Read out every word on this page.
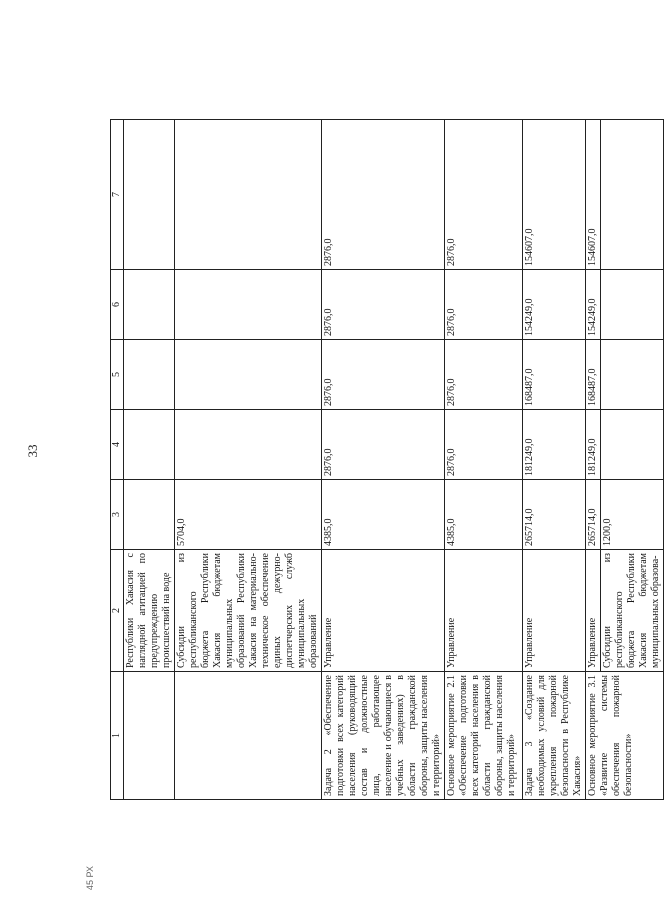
33
45 РХ
1	2	3	4	5	6	7
	Республики Хакасия с наглядной агитацией по предупреждению происшествий на воде					
	Субсидии из республиканского бюджета Республики Хакасия бюджетам муниципальных образований Республики Хакасия на материально-техническое обеспечение единых дежурно-диспетчерских служб муниципальных образований	5704,0				
Задача 2 «Обеспечение подготовки всех категорий населения (руководящий состав и должностные лица, работающее население и обучающиеся в учебных заведениях) в области гражданской обороны, защиты населения и территорий»	Управление	4385,0	2876,0	2876,0	2876,0	2876,0
Основное мероприятие 2.1 «Обеспечение подготовки всех категорий населения в области гражданской обороны, защиты населения и территорий»	Управление	4385,0	2876,0	2876,0	2876,0	2876,0
Задача 3 «Создание необходимых условий для укрепления пожарной безопасности в Республике Хакасия»	Управление	265714,0	181249,0	168487,0	154249,0	154607,0
Основное мероприятие 3.1 «Развитие системы обеспечения пожарной безопасности»	Управление	265714,0	181249,0	168487,0	154249,0	154607,0
	Субсидии из республиканского бюджета Республики Хакасия бюджетам муниципальных образова-	1200,0				
